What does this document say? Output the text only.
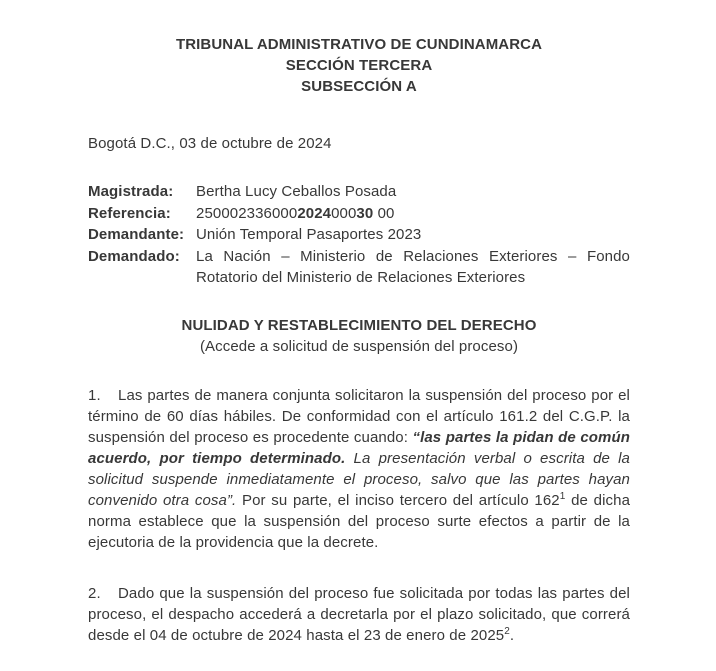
TRIBUNAL ADMINISTRATIVO DE CUNDINAMARCA
SECCIÓN TERCERA
SUBSECCIÓN A
Bogotá D.C., 03 de octubre de 2024
Magistrada:	Bertha Lucy Ceballos Posada
Referencia:	250002336000202400030 00
Demandante: Unión Temporal Pasaportes 2023
Demandado:	La Nación – Ministerio de Relaciones Exteriores – Fondo
Rotatorio del Ministerio de Relaciones Exteriores
NULIDAD Y RESTABLECIMIENTO DEL DERECHO
(Accede a solicitud de suspensión del proceso)

1. Las partes de manera conjunta solicitaron la suspensión del proceso por el término de 60 días hábiles. De conformidad con el artículo 161.2 del C.G.P. la suspensión del proceso es procedente cuando: “las partes la pidan de común acuerdo, por tiempo determinado. La presentación verbal o escrita de la solicitud suspende inmediatamente el proceso, salvo que las partes hayan convenido otra cosa”. Por su parte, el inciso tercero del artículo 162$^1$ de dicha norma establece que la suspensión del proceso surte efectos a partir de la ejecutoria de la providencia que la decrete.

2. Dado que la suspensión del proceso fue solicitada por todas las partes del proceso, el despacho accederá a decretarla por el plazo solicitado, que correrá desde el 04 de octubre de 2024 hasta el 23 de enero de 2025$^2$.
